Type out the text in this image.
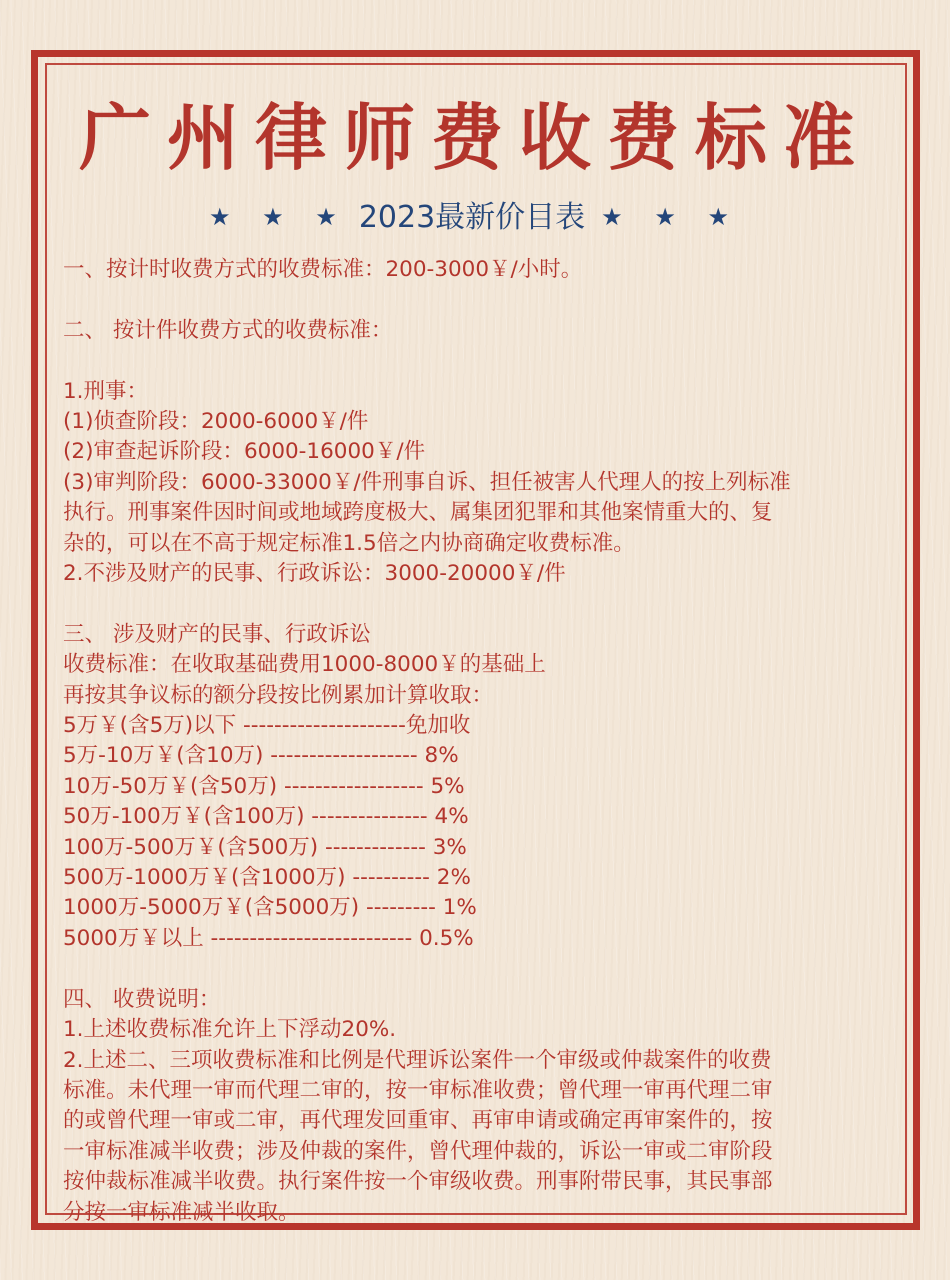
广州律师费收费标准
★ ★ ★ 2023最新价目表 ★ ★ ★
一、按计时收费方式的收费标准：200-3000￥/小时。
二、 按计件收费方式的收费标准：
1.刑事：
(1)侦查阶段：2000-6000￥/件
(2)审查起诉阶段：6000-16000￥/件
(3)审判阶段：6000-33000￥/件刑事自诉、担任被害人代理人的按上列标准
执行。刑事案件因时间或地域跨度极大、属集团犯罪和其他案情重大的、复
杂的，可以在不高于规定标准1.5倍之内协商确定收费标准。
2.不涉及财产的民事、行政诉讼：3000-20000￥/件
三、 涉及财产的民事、行政诉讼
收费标准：在收取基础费用1000-8000￥的基础上
再按其争议标的额分段按比例累加计算收取：
5万￥(含5万)以下 ---------------------免加收
5万-10万￥(含10万) ------------------- 8%
10万-50万￥(含50万) ------------------ 5%
50万-100万￥(含100万) --------------- 4%
100万-500万￥(含500万) ------------- 3%
500万-1000万￥(含1000万) ---------- 2%
1000万-5000万￥(含5000万) --------- 1%
5000万￥以上 -------------------------- 0.5%
四、 收费说明：
1.上述收费标准允许上下浮动20%.
2.上述二、三项收费标准和比例是代理诉讼案件一个审级或仲裁案件的收费
标准。未代理一审而代理二审的，按一审标准收费；曾代理一审再代理二审
的或曾代理一审或二审，再代理发回重审、再审申请或确定再审案件的，按
一审标准减半收费；涉及仲裁的案件，曾代理仲裁的，诉讼一审或二审阶段
按仲裁标准减半收费。执行案件按一个审级收费。刑事附带民事，其民事部
分按一审标准减半收取。
